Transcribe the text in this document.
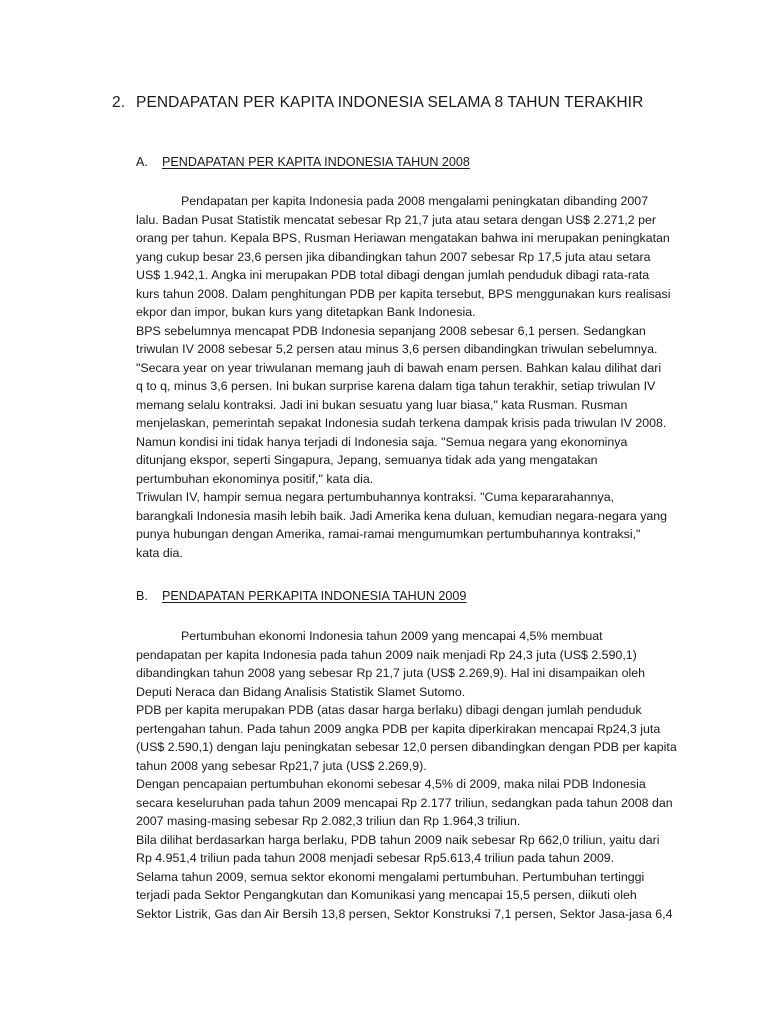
2. PENDAPATAN PER KAPITA INDONESIA SELAMA 8 TAHUN TERAKHIR
A. PENDAPATAN PER KAPITA INDONESIA TAHUN 2008
Pendapatan per kapita Indonesia pada 2008 mengalami peningkatan dibanding 2007
lalu. Badan Pusat Statistik mencatat sebesar Rp 21,7 juta atau setara dengan US$ 2.271,2 per
orang per tahun. Kepala BPS, Rusman Heriawan mengatakan bahwa ini merupakan peningkatan
yang cukup besar 23,6 persen jika dibandingkan tahun 2007 sebesar Rp 17,5 juta atau setara
US$ 1.942,1. Angka ini merupakan PDB total dibagi dengan jumlah penduduk dibagi rata-rata
kurs tahun 2008. Dalam penghitungan PDB per kapita tersebut, BPS menggunakan kurs realisasi
ekpor dan impor, bukan kurs yang ditetapkan Bank Indonesia.
BPS sebelumnya mencapat PDB Indonesia sepanjang 2008 sebesar 6,1 persen. Sedangkan
triwulan IV 2008 sebesar 5,2 persen atau minus 3,6 persen dibandingkan triwulan sebelumnya.
"Secara year on year triwulanan memang jauh di bawah enam persen. Bahkan kalau dilihat dari
q to q, minus 3,6 persen. Ini bukan surprise karena dalam tiga tahun terakhir, setiap triwulan IV
memang selalu kontraksi. Jadi ini bukan sesuatu yang luar biasa," kata Rusman. Rusman
menjelaskan, pemerintah sepakat Indonesia sudah terkena dampak krisis pada triwulan IV 2008.
Namun kondisi ini tidak hanya terjadi di Indonesia saja. "Semua negara yang ekonominya
ditunjang ekspor, seperti Singapura, Jepang, semuanya tidak ada yang mengatakan
pertumbuhan ekonominya positif," kata dia.
Triwulan IV, hampir semua negara pertumbuhannya kontraksi. "Cuma kepararahannya,
barangkali Indonesia masih lebih baik. Jadi Amerika kena duluan, kemudian negara-negara yang
punya hubungan dengan Amerika, ramai-ramai mengumumkan pertumbuhannya kontraksi,"
kata dia.
B. PENDAPATAN PERKAPITA INDONESIA TAHUN 2009
Pertumbuhan ekonomi Indonesia tahun 2009 yang mencapai 4,5% membuat
pendapatan per kapita Indonesia pada tahun 2009 naik menjadi Rp 24,3 juta (US$ 2.590,1)
dibandingkan tahun 2008 yang sebesar Rp 21,7 juta (US$ 2.269,9). Hal ini disampaikan oleh
Deputi Neraca dan Bidang Analisis Statistik Slamet Sutomo.
PDB per kapita merupakan PDB (atas dasar harga berlaku) dibagi dengan jumlah penduduk
pertengahan tahun. Pada tahun 2009 angka PDB per kapita diperkirakan mencapai Rp24,3 juta
(US$ 2.590,1) dengan laju peningkatan sebesar 12,0 persen dibandingkan dengan PDB per kapita
tahun 2008 yang sebesar Rp21,7 juta (US$ 2.269,9).
Dengan pencapaian pertumbuhan ekonomi sebesar 4,5% di 2009, maka nilai PDB Indonesia
secara keseluruhan pada tahun 2009 mencapai Rp 2.177 triliun, sedangkan pada tahun 2008 dan
2007 masing-masing sebesar Rp 2.082,3 triliun dan Rp 1.964,3 triliun.
Bila dilihat berdasarkan harga berlaku, PDB tahun 2009 naik sebesar Rp 662,0 triliun, yaitu dari
Rp 4.951,4 triliun pada tahun 2008 menjadi sebesar Rp5.613,4 triliun pada tahun 2009.
Selama tahun 2009, semua sektor ekonomi mengalami pertumbuhan. Pertumbuhan tertinggi
terjadi pada Sektor Pengangkutan dan Komunikasi yang mencapai 15,5 persen, diikuti oleh
Sektor Listrik, Gas dan Air Bersih 13,8 persen, Sektor Konstruksi 7,1 persen, Sektor Jasa-jasa 6,4
